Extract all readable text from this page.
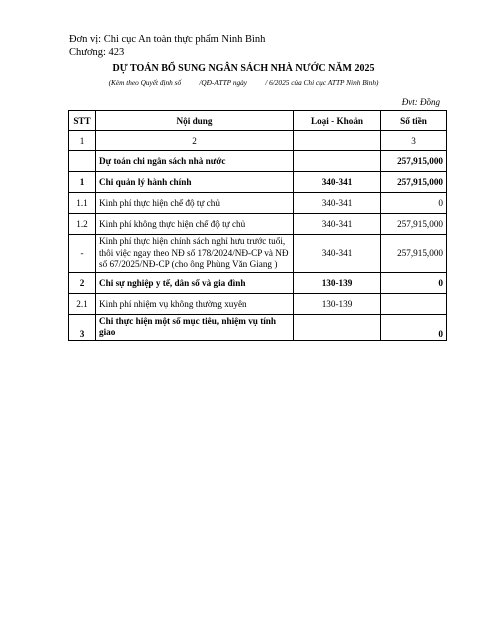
Đơn vị: Chi cục An toàn thực phẩm Ninh Bình
Chương: 423
DỰ TOÁN BỔ SUNG NGÂN SÁCH NHÀ NƯỚC NĂM 2025
(Kèm theo Quyết định số          /QĐ-ATTP ngày          / 6/2025 của Chi cục ATTP Ninh Bình)
Đvt: Đồng
STT	Nội dung	Loại - Khoản	Số tiền
1	2		3
	Dự toán chi ngân sách nhà nước		257,915,000
1	Chi quản lý hành chính	340-341	257,915,000
1.1	Kinh phí thực hiện chế độ tự chủ	340-341	0
1.2	Kinh phí không thực hiện chế độ tự chủ	340-341	257,915,000
-	Kinh phí thực hiện chính sách nghỉ hưu trước tuổi, thôi việc ngay theo NĐ số 178/2024/NĐ-CP và NĐ số 67/2025/NĐ-CP (cho ông Phùng Văn Giang )	340-341	257,915,000
2	Chi sự nghiệp y tế, dân số và gia đình	130-139	0
2.1	Kinh phí nhiệm vụ không thường xuyên	130-139	
3	Chi thực hiện một số mục tiêu, nhiệm vụ tính giao		0
